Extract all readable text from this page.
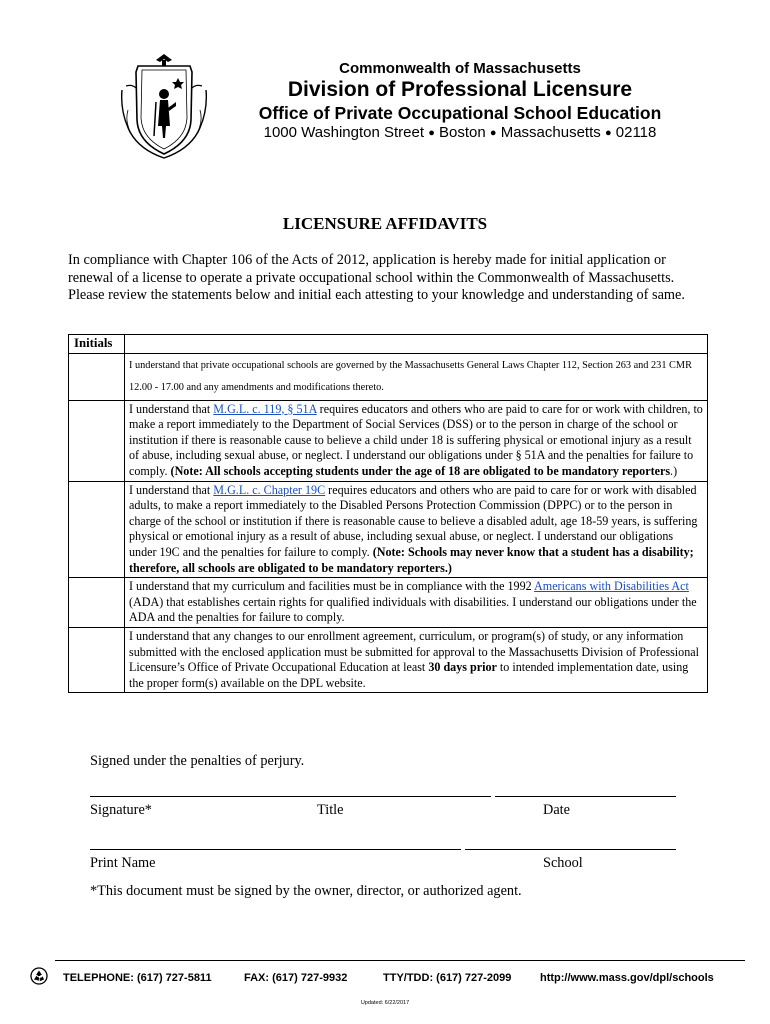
Commonwealth of Massachusetts
Division of Professional Licensure
Office of Private Occupational School Education
1000 Washington Street ● Boston ● Massachusetts ● 02118
LICENSURE AFFIDAVITS

In compliance with Chapter 106 of the Acts of 2012, application is hereby made for initial application or renewal of a license to operate a private occupational school within the Commonwealth of Massachusetts. Please review the statements below and initial each attesting to your knowledge and understanding of same.

Initials	
	I understand that private occupational schools are governed by the Massachusetts General Laws Chapter 112, Section 263 and 231 CMR 12.00 - 17.00 and any amendments and modifications thereto.
	I understand that M.G.L. c. 119, § 51A requires educators and others who are paid to care for or work with children, to make a report immediately to the Department of Social Services (DSS) or to the person in charge of the school or institution if there is reasonable cause to believe a child under 18 is suffering physical or emotional injury as a result of abuse, including sexual abuse, or neglect. I understand our obligations under § 51A and the penalties for failure to comply. (Note: All schools accepting students under the age of 18 are obligated to be mandatory reporters.)
	I understand that M.G.L. c. Chapter 19C requires educators and others who are paid to care for or work with disabled adults, to make a report immediately to the Disabled Persons Protection Commission (DPPC) or to the person in charge of the school or institution if there is reasonable cause to believe a disabled adult, age 18-59 years, is suffering physical or emotional injury as a result of abuse, including sexual abuse, or neglect. I understand our obligations under 19C and the penalties for failure to comply. (Note: Schools may never know that a student has a disability; therefore, all schools are obligated to be mandatory reporters.)
	I understand that my curriculum and facilities must be in compliance with the 1992 Americans with Disabilities Act (ADA) that establishes certain rights for qualified individuals with disabilities. I understand our obligations under the ADA and the penalties for failure to comply.
	I understand that any changes to our enrollment agreement, curriculum, or program(s) of study, or any information submitted with the enclosed application must be submitted for approval to the Massachusetts Division of Professional Licensure’s Office of Private Occupational Education at least 30 days prior to intended implementation date, using the proper form(s) available on the DPL website.
Signed under the penalties of perjury.
Signature*	Title	Date
Print Name	School
*This document must be signed by the owner, director, or authorized agent.
TELEPHONE: (617) 727-5811	FAX: (617) 727-9932	TTY/TDD: (617) 727-2099	http://www.mass.gov/dpl/schools
Updated: 6/22/2017
